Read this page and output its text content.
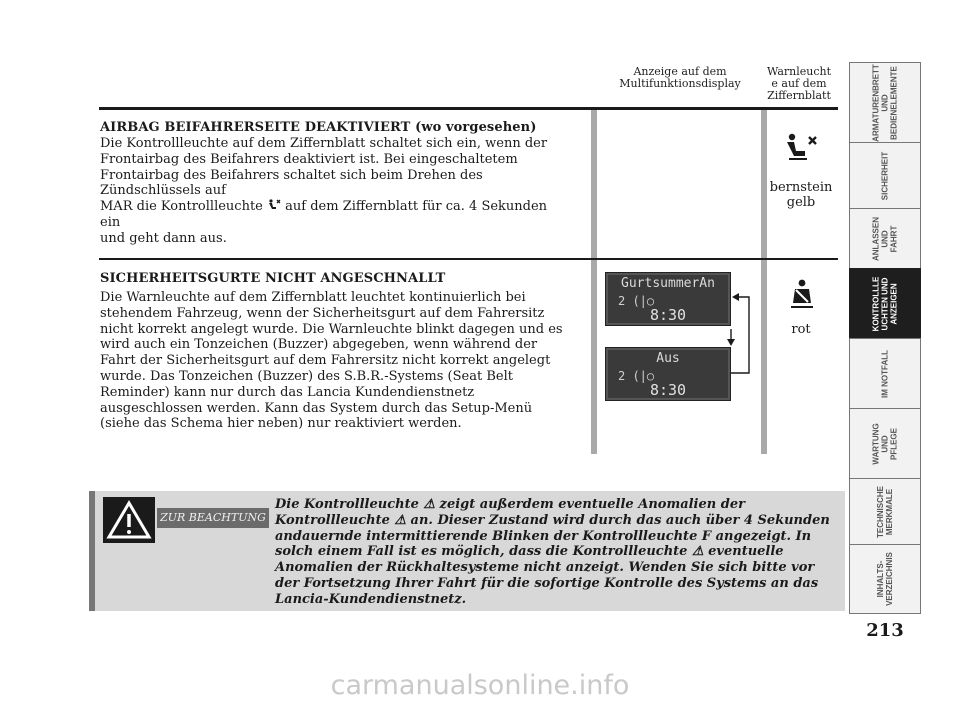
Anzeige auf dem
Multifunktionsdisplay
Warnleucht
e auf dem
Ziffernblatt
AIRBAG BEIFAHRERSEITE DEAKTIVIERT (wo vorgesehen)
Die Kontrollleuchte auf dem Ziffernblatt schaltet sich ein, wenn der Frontairbag des Beifahrers deaktiviert ist. Bei eingeschaltetem Frontairbag des Beifahrers schaltet sich beim Drehen des Zündschlüssels auf
MAR die Kontrollleuchte auf dem Ziffernblatt für ca. 4 Sekunden ein
und geht dann aus.
bernstein
gelb
SICHERHEITSGURTE NICHT ANGESCHNALLT
Die Warnleuchte auf dem Ziffernblatt leuchtet kontinuierlich bei stehendem Fahrzeug, wenn der Sicherheitsgurt auf dem Fahrersitz nicht korrekt angelegt wurde. Die Warnleuchte blinkt dagegen und es wird auch ein Tonzeichen (Buzzer) abgegeben, wenn während der Fahrt der Sicherheitsgurt auf dem Fahrersitz nicht korrekt angelegt wurde. Das Tonzeichen (Buzzer) des S.B.R.-Systems (Seat Belt Reminder) kann nur durch das Lancia Kundendienstnetz ausgeschlossen werden. Kann das System durch das Setup-Menü (siehe das Schema hier neben) nur reaktiviert werden.
rot
GurtsummerAn
2 (|○
8:30
Aus
2 (|○
8:30
ZUR BEACHTUNG
Die Kontrollleuchte ⚠ zeigt außerdem eventuelle Anomalien der Kontrollleuchte ⚠ an. Dieser Zustand wird durch das auch über 4 Sekunden andauernde intermittierende Blinken der Kontrollleuchte F angezeigt. In solch einem Fall ist es möglich, dass die Kontrollleuchte ⚠ eventuelle Anomalien der Rückhaltesysteme nicht anzeigt. Wenden Sie sich bitte vor der Fortsetzung Ihrer Fahrt für die sofortige Kontrolle des Systems an das Lancia-Kundendienstnetz.
ARMATURENBRETT
UND
BEDIENELEMENTE
SICHERHEIT
ANLASSEN UND
FAHRT
KONTROLLLE
UCHTEN UND
ANZEIGEN
IM NOTFALL
WARTUNG UND
PFLEGE
TECHNISCHE
MERKMALE
INHALTS-
VERZEICHNIS
213
carmanualsonline.info
